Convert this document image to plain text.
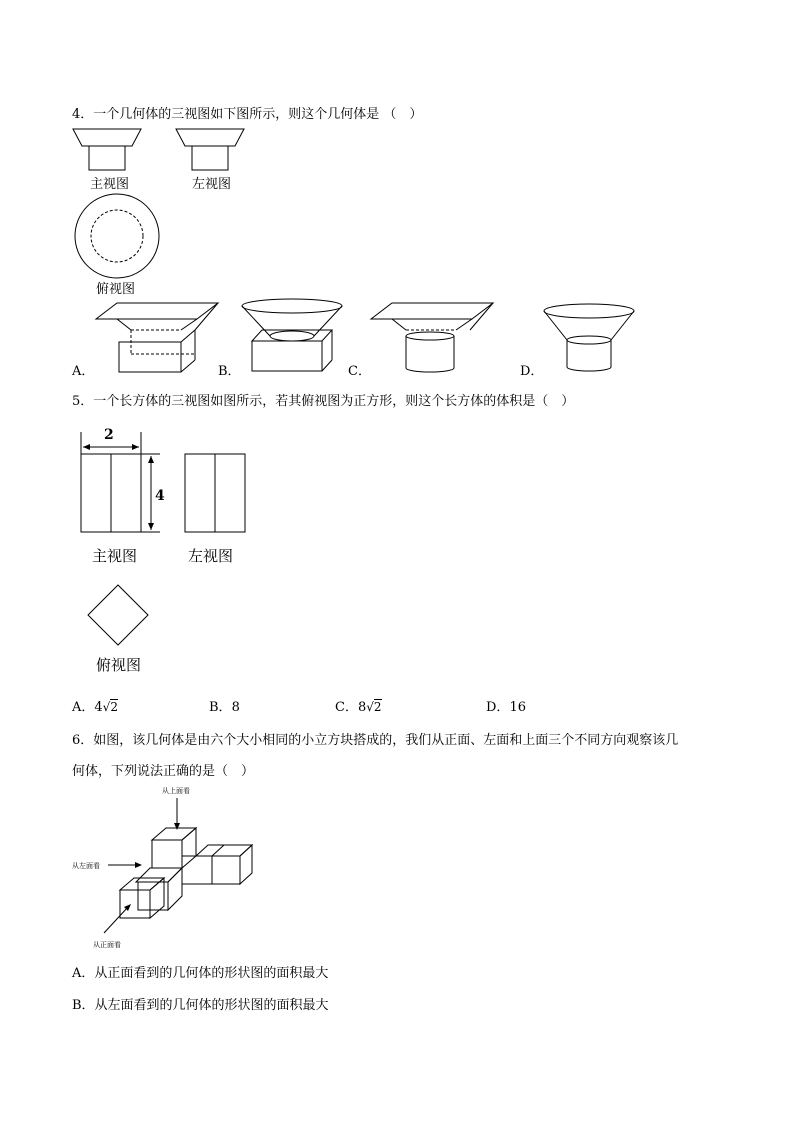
4．一个几何体的三视图如下图所示，则这个几何体是 （　）
主视图	左视图
俯视图
A．	B．	C．	D．
5．一个长方体的三视图如图所示，若其俯视图为正方形，则这个长方体的体积是（　）
2
4
主视图	左视图
俯视图
A．4√2	B．8	C．8√2	D．16
6．如图，该几何体是由六个大小相同的小立方块搭成的，我们从正面、左面和上面三个不同方向观察该几
何体，下列说法正确的是（　）
从上面看
从左面看
从正面看
A．从正面看到的几何体的形状图的面积最大
B．从左面看到的几何体的形状图的面积最大
